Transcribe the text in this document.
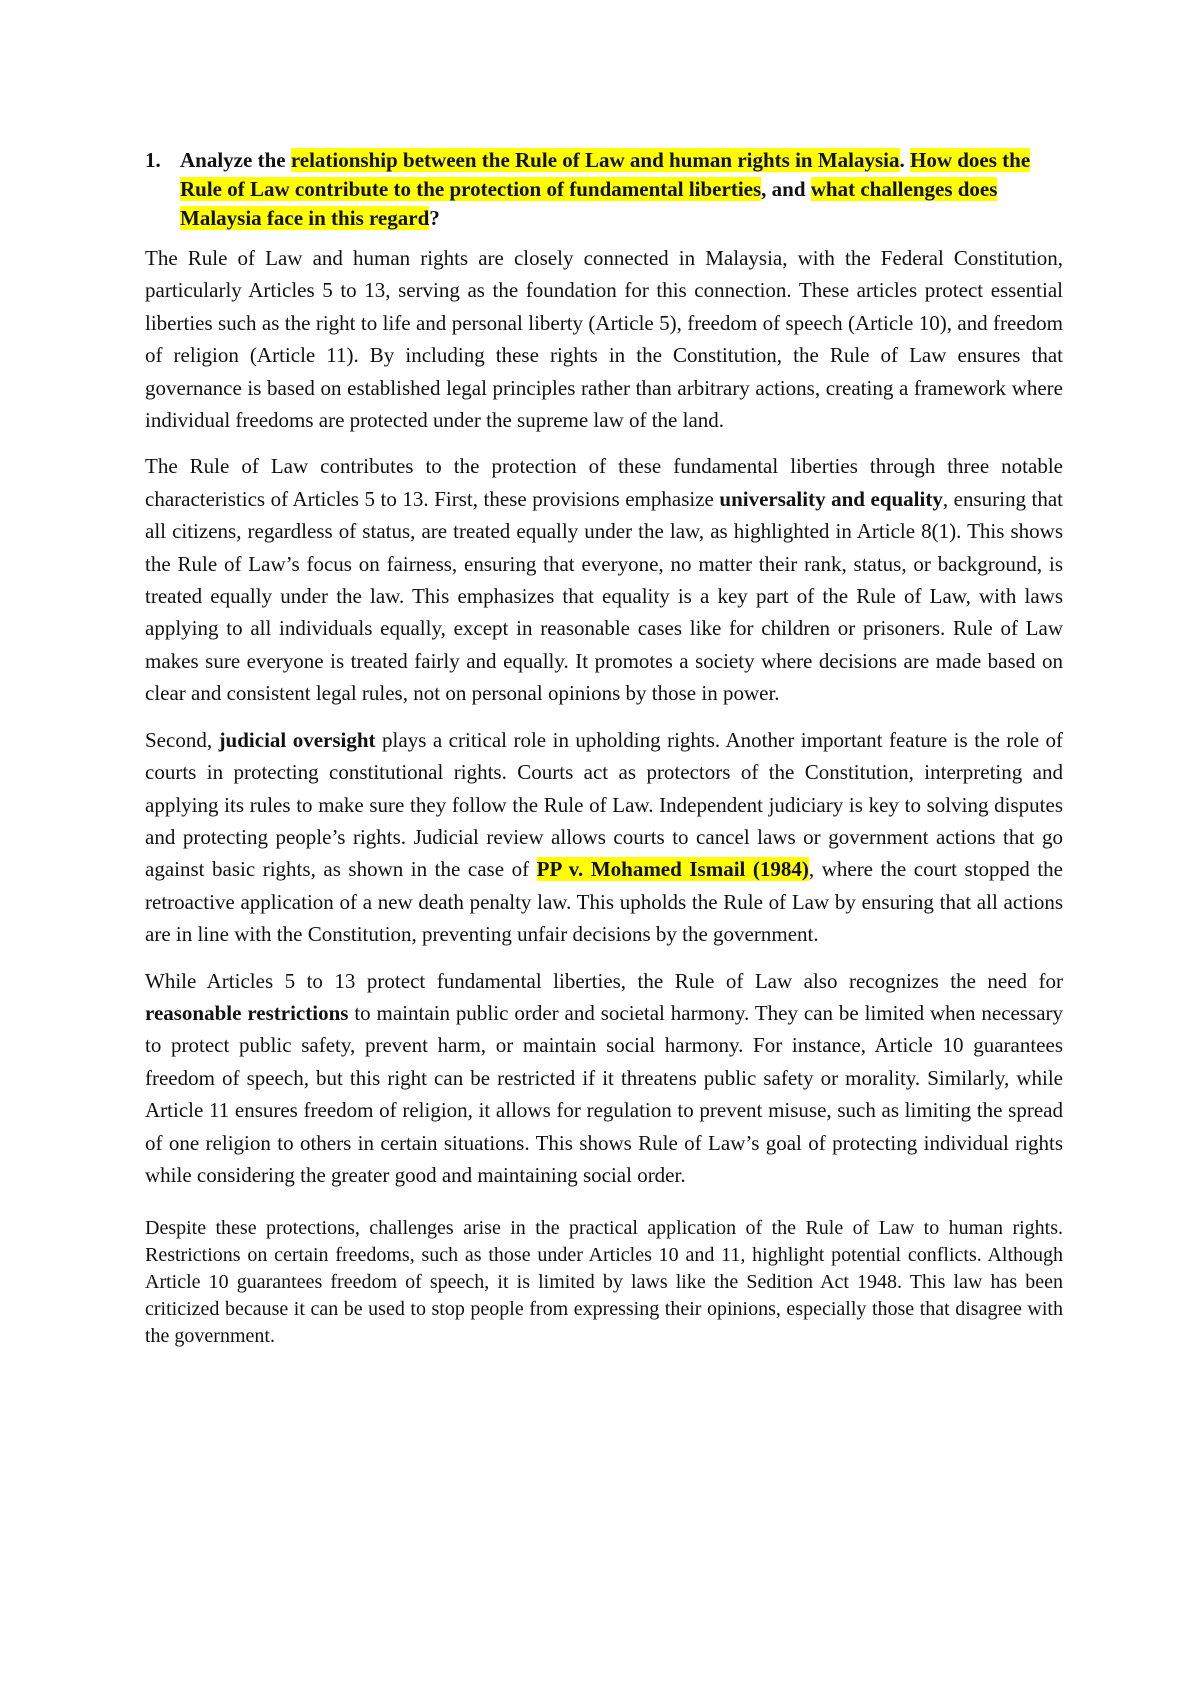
1. Analyze the relationship between the Rule of Law and human rights in Malaysia. How does the Rule of Law contribute to the protection of fundamental liberties, and what challenges does Malaysia face in this regard?

The Rule of Law and human rights are closely connected in Malaysia, with the Federal Constitution, particularly Articles 5 to 13, serving as the foundation for this connection. These articles protect essential liberties such as the right to life and personal liberty (Article 5), freedom of speech (Article 10), and freedom of religion (Article 11). By including these rights in the Constitution, the Rule of Law ensures that governance is based on established legal principles rather than arbitrary actions, creating a framework where individual freedoms are protected under the supreme law of the land.

The Rule of Law contributes to the protection of these fundamental liberties through three notable characteristics of Articles 5 to 13. First, these provisions emphasize universality and equality, ensuring that all citizens, regardless of status, are treated equally under the law, as highlighted in Article 8(1). This shows the Rule of Law’s focus on fairness, ensuring that everyone, no matter their rank, status, or background, is treated equally under the law. This emphasizes that equality is a key part of the Rule of Law, with laws applying to all individuals equally, except in reasonable cases like for children or prisoners. Rule of Law makes sure everyone is treated fairly and equally. It promotes a society where decisions are made based on clear and consistent legal rules, not on personal opinions by those in power.

Second, judicial oversight plays a critical role in upholding rights. Another important feature is the role of courts in protecting constitutional rights. Courts act as protectors of the Constitution, interpreting and applying its rules to make sure they follow the Rule of Law. Independent judiciary is key to solving disputes and protecting people’s rights. Judicial review allows courts to cancel laws or government actions that go against basic rights, as shown in the case of PP v. Mohamed Ismail (1984), where the court stopped the retroactive application of a new death penalty law. This upholds the Rule of Law by ensuring that all actions are in line with the Constitution, preventing unfair decisions by the government.

While Articles 5 to 13 protect fundamental liberties, the Rule of Law also recognizes the need for reasonable restrictions to maintain public order and societal harmony. They can be limited when necessary to protect public safety, prevent harm, or maintain social harmony. For instance, Article 10 guarantees freedom of speech, but this right can be restricted if it threatens public safety or morality. Similarly, while Article 11 ensures freedom of religion, it allows for regulation to prevent misuse, such as limiting the spread of one religion to others in certain situations. This shows Rule of Law’s goal of protecting individual rights while considering the greater good and maintaining social order.

Despite these protections, challenges arise in the practical application of the Rule of Law to human rights. Restrictions on certain freedoms, such as those under Articles 10 and 11, highlight potential conflicts. Although Article 10 guarantees freedom of speech, it is limited by laws like the Sedition Act 1948. This law has been criticized because it can be used to stop people from expressing their opinions, especially those that disagree with the government.
